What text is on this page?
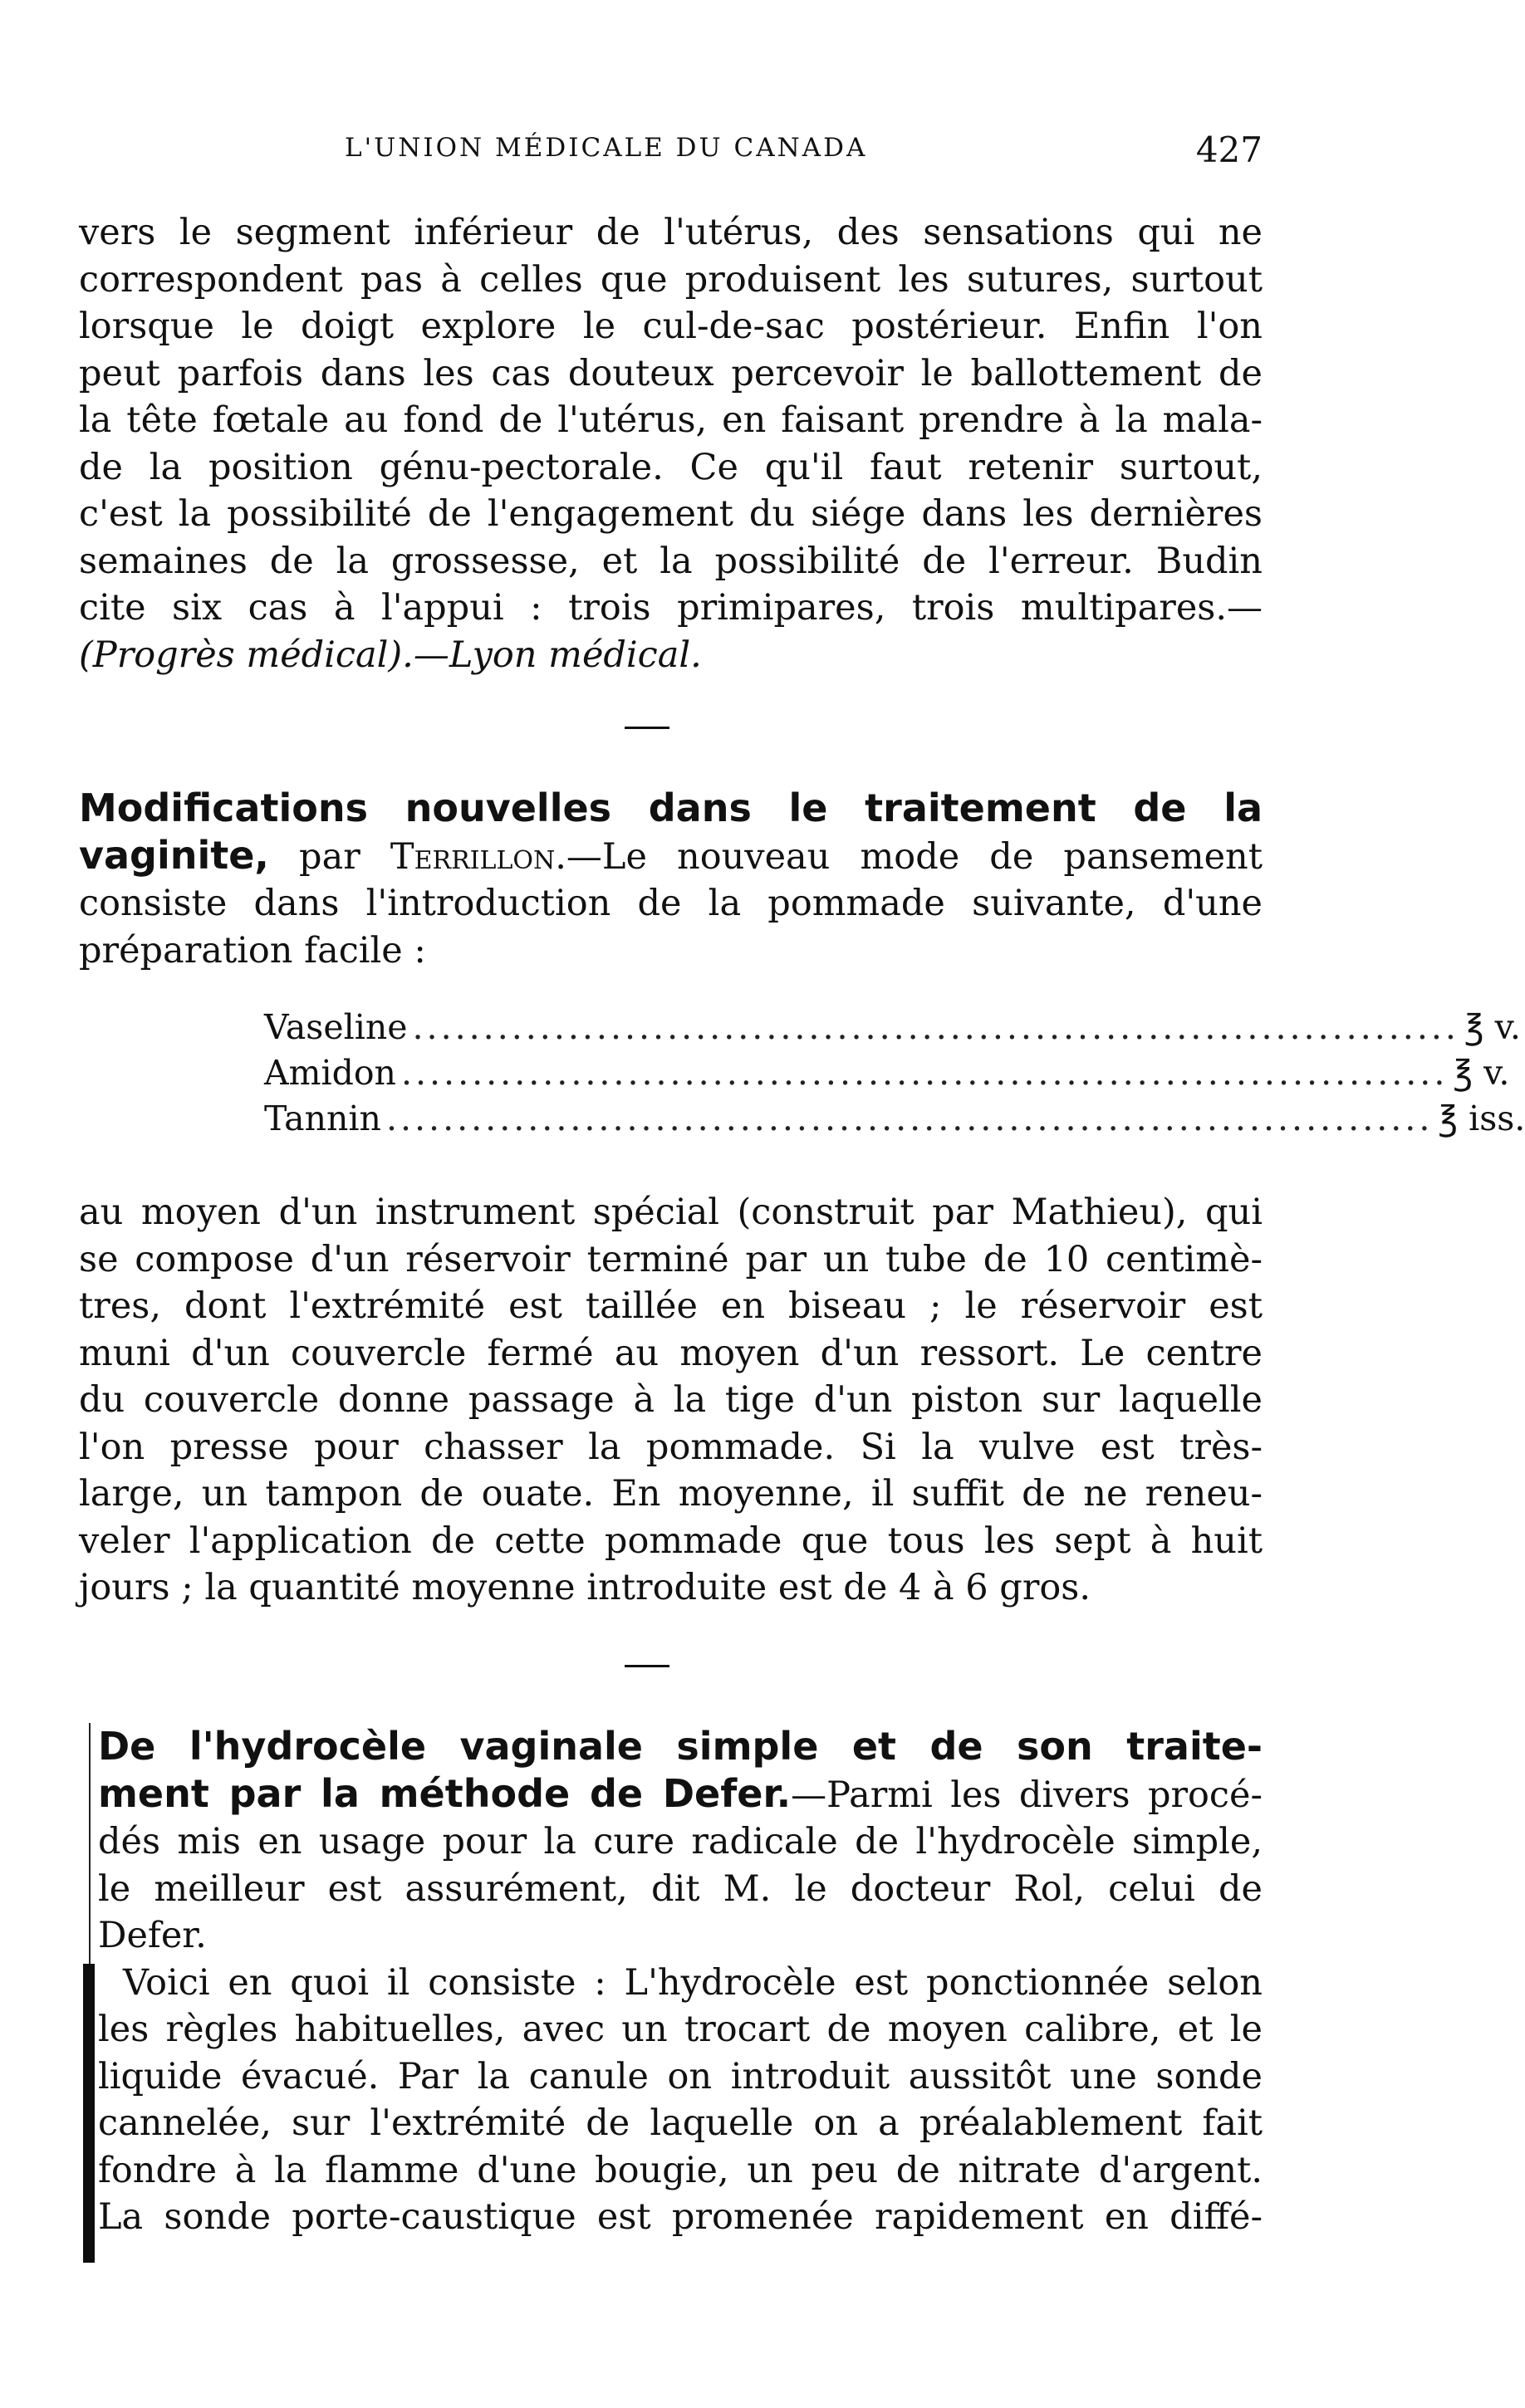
L'UNION MÉDICALE DU CANADA	427
vers le segment inférieur de l'utérus, des sensations qui ne
correspondent pas à celles que produisent les sutures, surtout
lorsque le doigt explore le cul-de-sac postérieur. Enfin l'on
peut parfois dans les cas douteux percevoir le ballottement de
la tête fœtale au fond de l'utérus, en faisant prendre à la mala-
de la position génu-pectorale. Ce qu'il faut retenir surtout,
c'est la possibilité de l'engagement du siége dans les dernières
semaines de la grossesse, et la possibilité de l'erreur. Budin
cite six cas à l'appui : trois primipares, trois multipares.—
(Progrès médical).—Lyon médical.
Modifications nouvelles dans le traitement de la
vaginite, par Terrillon.—Le nouveau mode de pansement
consiste dans l'introduction de la pommade suivante, d'une
préparation facile :
Vaseline .......................................................................... ℥ v.
Amidon .......................................................................... ℥ v.
Tannin .......................................................................... ℥ iss.
au moyen d'un instrument spécial (construit par Mathieu), qui
se compose d'un réservoir terminé par un tube de 10 centimè-
tres, dont l'extrémité est taillée en biseau ; le réservoir est
muni d'un couvercle fermé au moyen d'un ressort. Le centre
du couvercle donne passage à la tige d'un piston sur laquelle
l'on presse pour chasser la pommade. Si la vulve est très-
large, un tampon de ouate. En moyenne, il suffit de ne reneu-
veler l'application de cette pommade que tous les sept à huit
jours ; la quantité moyenne introduite est de 4 à 6 gros.
De l'hydrocèle vaginale simple et de son traite-
ment par la méthode de Defer.—Parmi les divers procé-
dés mis en usage pour la cure radicale de l'hydrocèle simple,
le meilleur est assurément, dit M. le docteur Rol, celui de
Defer.
Voici en quoi il consiste : L'hydrocèle est ponctionnée selon
les règles habituelles, avec un trocart de moyen calibre, et le
liquide évacué. Par la canule on introduit aussitôt une sonde
cannelée, sur l'extrémité de laquelle on a préalablement fait
fondre à la flamme d'une bougie, un peu de nitrate d'argent.
La sonde porte-caustique est promenée rapidement en diffé-
